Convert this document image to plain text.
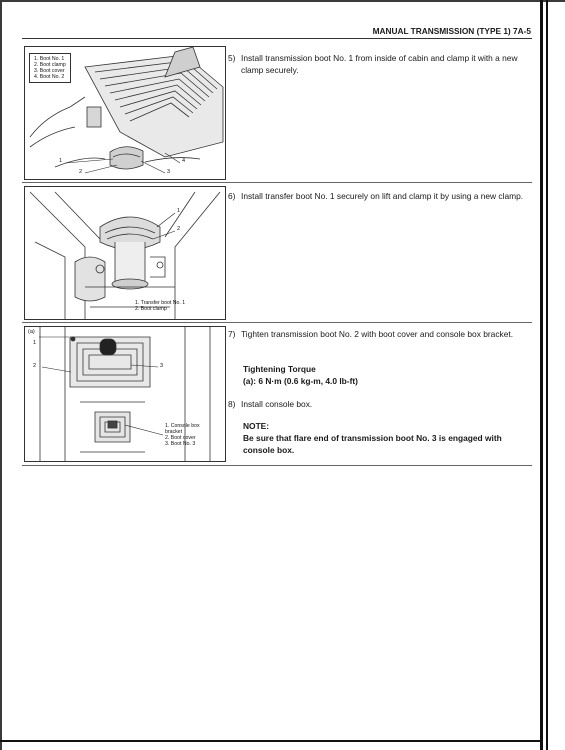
MANUAL TRANSMISSION (TYPE 1) 7A-5
1. Boot No. 1
2. Boot clamp
3. Boot cover
4. Boot No. 2
1
2	3
4
1
2
1. Transfer boot No. 1
2. Boot clamp
(a)
1
2	3
1. Console box
bracket
2. Boot cover
3. Boot No. 3
5) Install transmission boot No. 1 from inside of cabin and clamp it with a new clamp securely.
6) Install transfer boot No. 1 securely on lift and clamp it by using a new clamp.
7) Tighten transmission boot No. 2 with boot cover and console box bracket.
Tightening Torque
(a): 6 N·m (0.6 kg-m, 4.0 lb-ft)
8) Install console box.
NOTE:
Be sure that flare end of transmission boot No. 3 is engaged with console box.
